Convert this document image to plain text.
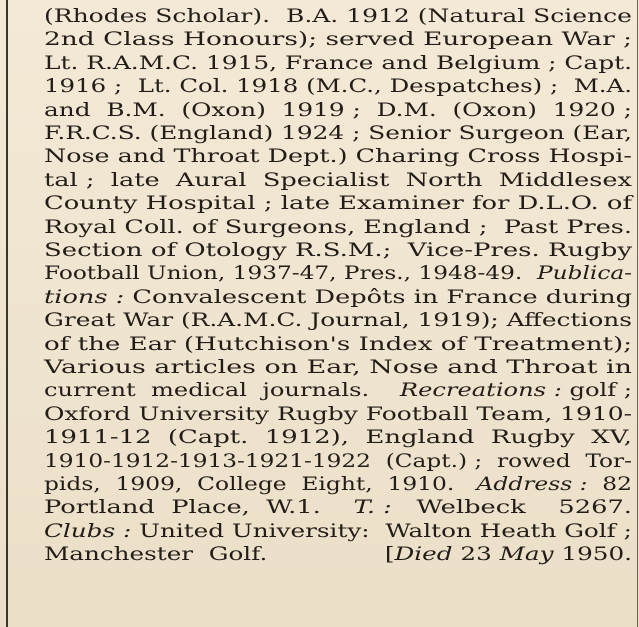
(Rhodes Scholar).  B.A. 1912 (Natural Science
2nd Class Honours); served European War ;
Lt. R.A.M.C. 1915, France and Belgium ; Capt.
1916 ;  Lt. Col. 1918 (M.C., Despatches) ;  M.A.
and  B.M.  (Oxon)  1919 ;  D.M.  (Oxon)  1920 ;
F.R.C.S. (England) 1924 ; Senior Surgeon (Ear,
Nose and Throat Dept.) Charing Cross Hospi-
tal ;  late  Aural  Specialist  North  Middlesex
County Hospital ; late Examiner for D.L.O. of
Royal Coll. of Surgeons, England ;  Past Pres.
Section of Otology R.S.M.;  Vice-Pres. Rugby
Football Union, 1937-47, Pres., 1948-49.  Publica-
tions : Convalescent Depôts in France during
Great War (R.A.M.C. Journal, 1919); Affections
of the Ear (Hutchison's Index of Treatment);
Various articles on Ear, Nose and Throat in
current  medical  journals.    Recreations : golf ;
Oxford University Rugby Football Team, 1910-
1911-12  (Capt.  1912),  England  Rugby  XV,
1910-1912-1913-1921-1922  (Capt.) ;  rowed  Tor-
pids,  1909,  College  Eight,  1910.   Address :  82
Portland  Place,  W.1.    T. :   Welbeck    5267.
Clubs : United University:  Walton Heath Golf ;
Manchester  Golf.               [Died 23 May 1950.
